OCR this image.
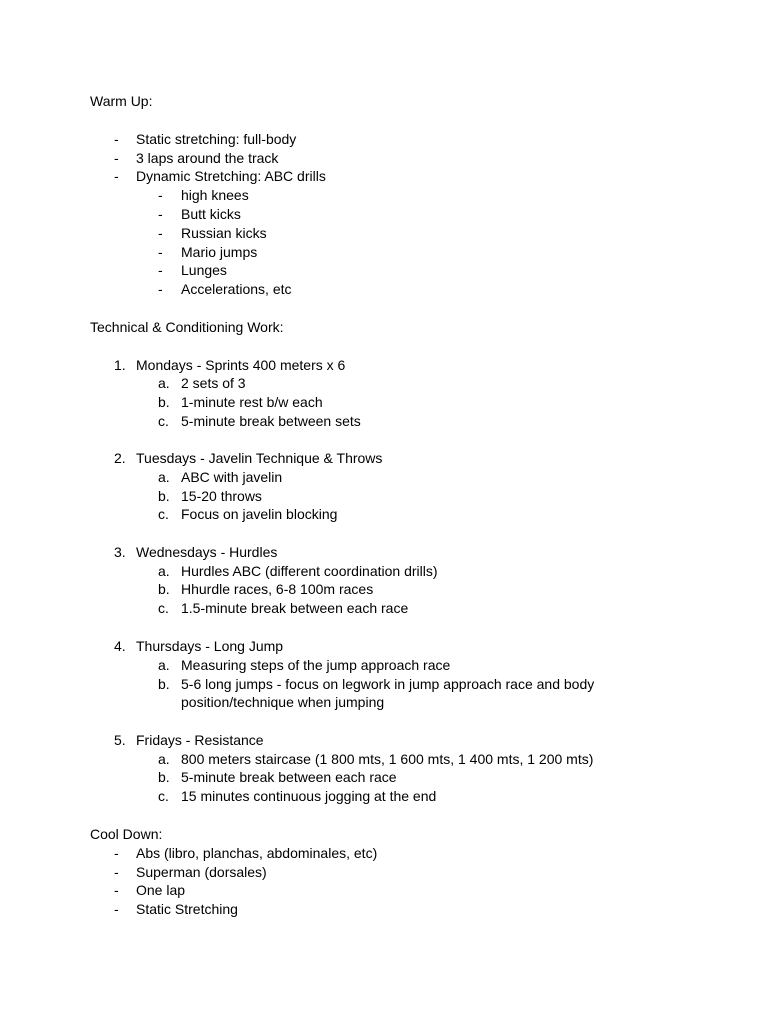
Warm Up:
- Static stretching: full-body
- 3 laps around the track
- Dynamic Stretching: ABC drills
- high knees
- Butt kicks
- Russian kicks
- Mario jumps
- Lunges
- Accelerations, etc
Technical & Conditioning Work:
1. Mondays - Sprints 400 meters x 6
a. 2 sets of 3
b. 1-minute rest b/w each
c. 5-minute break between sets
2. Tuesdays - Javelin Technique & Throws
a. ABC with javelin
b. 15-20 throws
c. Focus on javelin blocking
3. Wednesdays - Hurdles
a. Hurdles ABC (different coordination drills)
b. Hhurdle races, 6-8 100m races
c. 1.5-minute break between each race
4. Thursdays - Long Jump
a. Measuring steps of the jump approach race
b. 5-6 long jumps - focus on legwork in jump approach race and body
position/technique when jumping
5. Fridays - Resistance
a. 800 meters staircase (1 800 mts, 1 600 mts, 1 400 mts, 1 200 mts)
b. 5-minute break between each race
c. 15 minutes continuous jogging at the end
Cool Down:
- Abs (libro, planchas, abdominales, etc)
- Superman (dorsales)
- One lap
- Static Stretching
